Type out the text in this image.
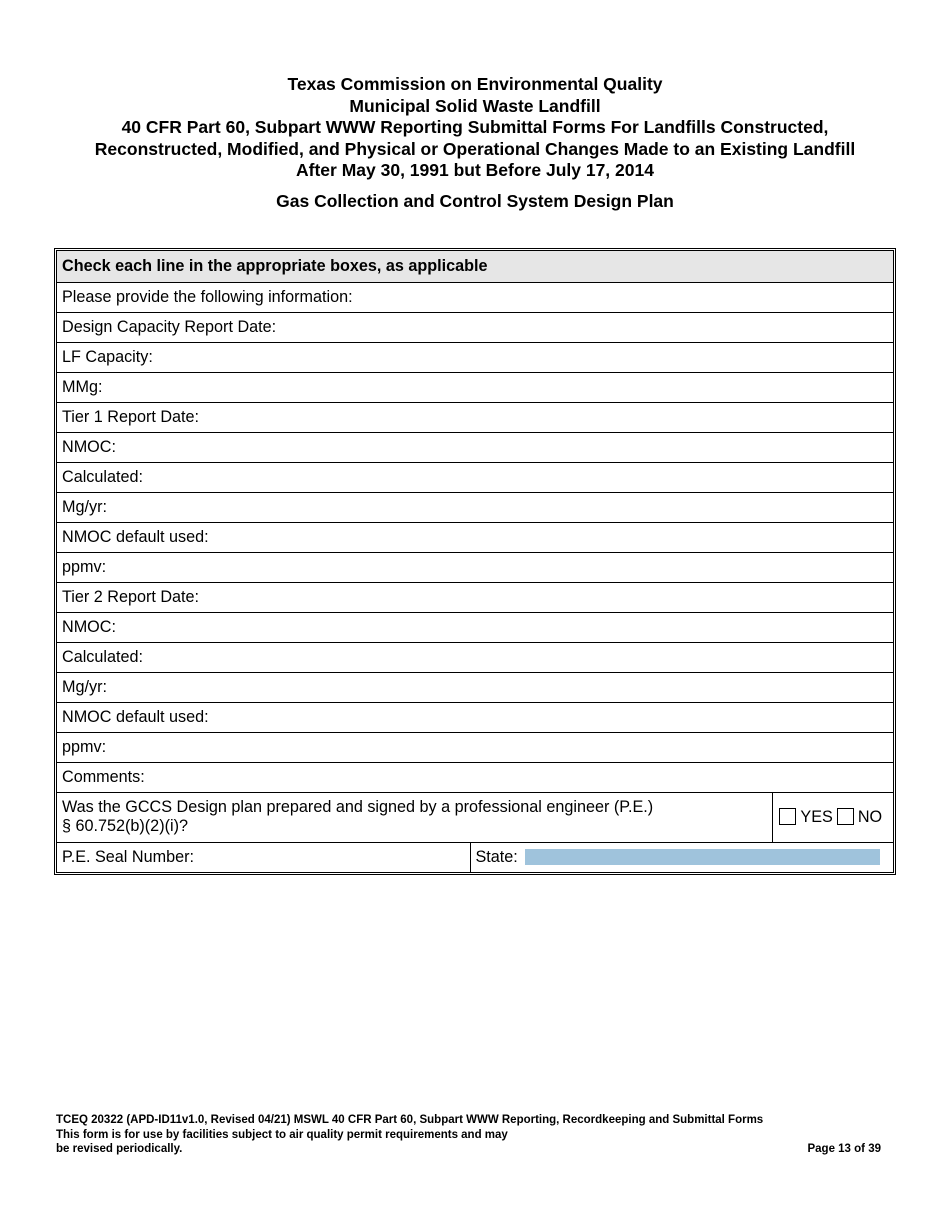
Texas Commission on Environmental Quality
Municipal Solid Waste Landfill
40 CFR Part 60, Subpart WWW Reporting Submittal Forms For Landfills Constructed,
Reconstructed, Modified, and Physical or Operational Changes Made to an Existing Landfill
After May 30, 1991 but Before July 17, 2014
Gas Collection and Control System Design Plan
Check each line in the appropriate boxes, as applicable		
Please provide the following information:		
Design Capacity Report Date:		
LF Capacity:		
MMg:		
Tier 1 Report Date:		
NMOC:		
Calculated:		
Mg/yr:		
NMOC default used:		
ppmv:		
Tier 2 Report Date:		
NMOC:		
Calculated:		
Mg/yr:		
NMOC default used:		
ppmv:		
Comments:		
Was the GCCS Design plan prepared and signed by a professional engineer (P.E.)
§ 60.752(b)(2)(i)?		YES NO
P.E. Seal Number:	State:	
TCEQ 20322 (APD-ID11v1.0, Revised 04/21) MSWL 40 CFR Part 60, Subpart WWW Reporting, Recordkeeping and Submittal Forms
This form is for use by facilities subject to air quality permit requirements and may
be revised periodically.	Page 13 of 39
